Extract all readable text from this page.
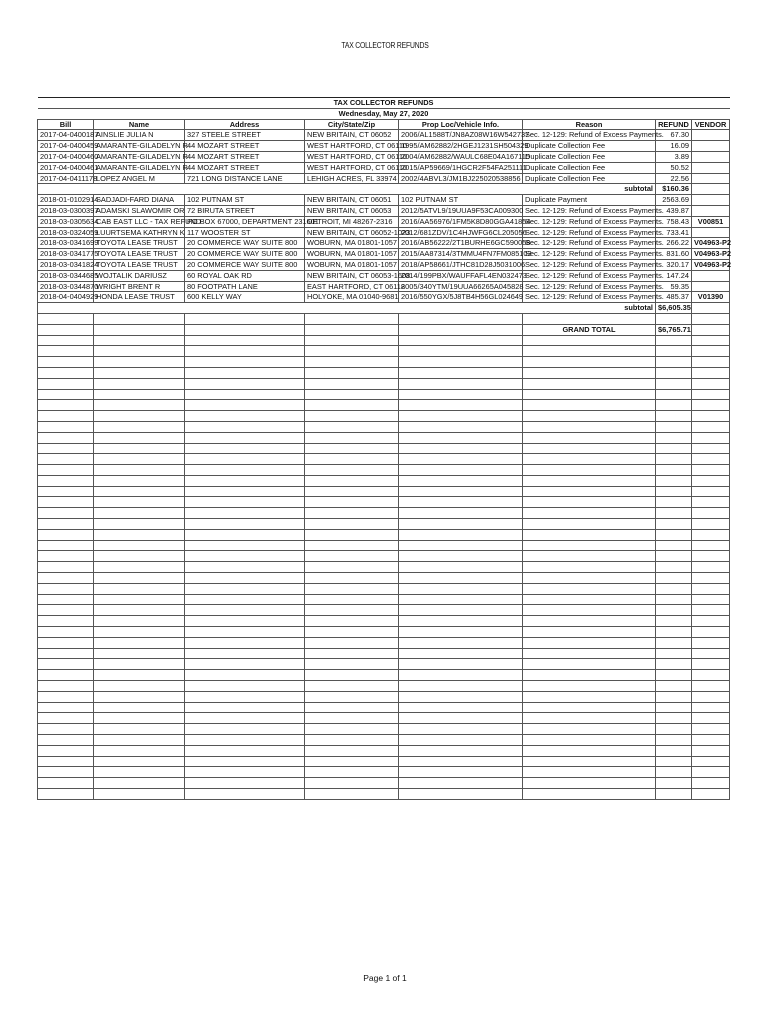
TAX COLLECTOR REFUNDS
TAX COLLECTOR REFUNDS							
Wednesday, May 27, 2020							
Bill	Name	Address	City/State/Zip	Prop Loc/Vehicle Info.	Reason	REFUND	VENDOR
2017-04-0400187	AINSLIE JULIA N	327 STEELE STREET	NEW BRITAIN, CT 06052	2006/AL1588T/JN8AZ08W16W542737	Sec. 12-129: Refund of Excess Payments.	67.30	
2017-04-0400459	AMARANTE-GILADELYN R	44 MOZART STREET	WEST HARTFORD, CT 06110	1995/AM62882/2HGEJ1231SH504329	Duplicate Collection Fee	16.09	
2017-04-0400460	AMARANTE-GILADELYN R	44 MOZART STREET	WEST HARTFORD, CT 06110	2004/AM62882/WAULC68E04A167115	Duplicate Collection Fee	3.89	
2017-04-0400461	AMARANTE-GILADELYN R	44 MOZART STREET	WEST HARTFORD, CT 06110	2015/AP59669/1HGCR2F54FA251111	Duplicate Collection Fee	50.52	
2017-04-0411178	LOPEZ ANGEL M	721 LONG DISTANCE LANE	LEHIGH ACRES, FL 33974	2002/4ABVL3/JM1BJ225020538856	Duplicate Collection Fee	22.56	
subtotal						$160.36	
2018-01-0102914	SADJADI-FARD DIANA	102 PUTNAM ST	NEW BRITAIN, CT 06051	102 PUTNAM ST	Duplicate Payment	2563.69	
2018-03-0300397	ADAMSKI SLAWOMIR OR	72 BIRUTA STREET	NEW BRITAIN, CT 06053	2012/5ATVL9/19UUA9F53CA009300	Sec. 12-129: Refund of Excess Payments.	439.87	
2018-03-0305634	CAB EAST LLC - TAX REFUND	PO BOX 67000, DEPARTMENT 231601	DETROIT, MI 48267-2316	2016/AA56976/1FM5K8D80GGA41854	Sec. 12-129: Refund of Excess Payments.	758.43	V00851
2018-03-0324059	LUURTSEMA KATHRYN K	117 WOOSTER ST	NEW BRITAIN, CT 06052-1023	2012/681ZDV/1C4HJWFG6CL205056	Sec. 12-129: Refund of Excess Payments.	733.41	
2018-03-0341699	TOYOTA LEASE TRUST	20 COMMERCE WAY SUITE 800	WOBURN, MA 01801-1057	2016/AB56222/2T1BURHE6GC590058	Sec. 12-129: Refund of Excess Payments.	266.22	V04963-P2
2018-03-0341775	TOYOTA LEASE TRUST	20 COMMERCE WAY SUITE 800	WOBURN, MA 01801-1057	2015/AA87314/3TMMU4FN7FM085103	Sec. 12-129: Refund of Excess Payments.	831.60	V04963-P2
2018-03-0341824	TOYOTA LEASE TRUST	20 COMMERCE WAY SUITE 800	WOBURN, MA 01801-1057	2018/AP58661/JTHC81D28J5031006	Sec. 12-129: Refund of Excess Payments.	320.17	V04963-P2
2018-03-0344685	WOJTALIK DARIUSZ	60 ROYAL OAK RD	NEW BRITAIN, CT 06053-1608	2014/199PBX/WAUFFAFL4EN032473	Sec. 12-129: Refund of Excess Payments.	147.24	
2018-03-0344870	WRIGHT BRENT R	80 FOOTPATH LANE	EAST HARTFORD, CT 06118	2005/340YTM/19UUA66265A045828	Sec. 12-129: Refund of Excess Payments.	59.35	
2018-04-0404929	HONDA LEASE TRUST	600 KELLY WAY	HOLYOKE, MA 01040-9681	2016/550YGX/5J8TB4H56GL024649	Sec. 12-129: Refund of Excess Payments.	485.37	V01390
subtotal						$6,605.35	

					GRAND TOTAL	$6,765.71	

Page 1 of 1
